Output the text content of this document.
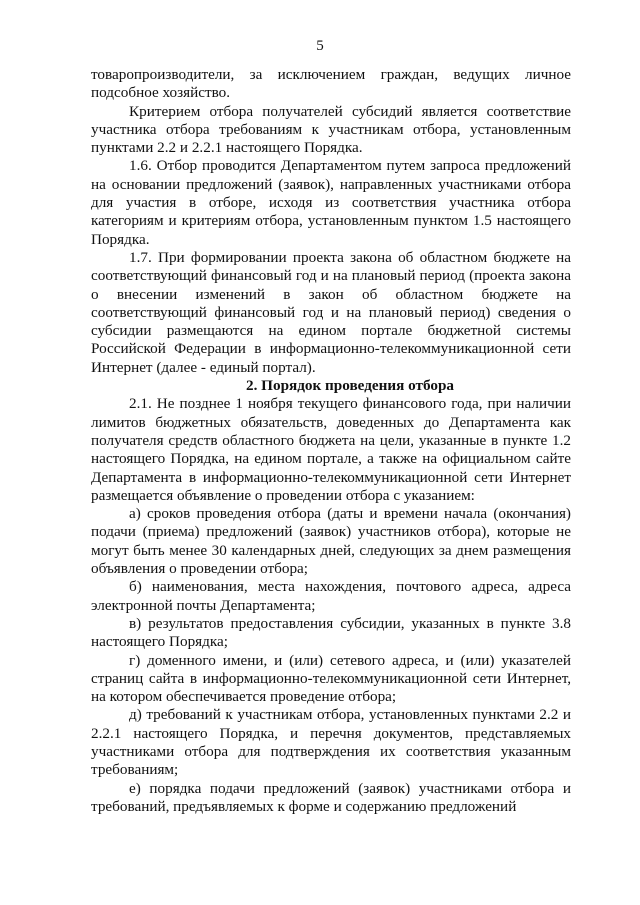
5

товаропроизводители, за исключением граждан, ведущих личное подсобное хозяйство.

Критерием отбора получателей субсидий является соответствие участника отбора требованиям к участникам отбора, установленным пунктами 2.2 и 2.2.1 настоящего Порядка.

1.6. Отбор проводится Департаментом путем запроса предложений на основании предложений (заявок), направленных участниками отбора для участия в отборе, исходя из соответствия участника отбора категориям и критериям отбора, установленным пунктом 1.5 настоящего Порядка.

1.7. При формировании проекта закона об областном бюджете на соответствующий финансовый год и на плановый период (проекта закона о внесении изменений в закон об областном бюджете на соответствующий финансовый год и на плановый период) сведения о субсидии размещаются на едином портале бюджетной системы Российской Федерации в информационно-телекоммуникационной сети Интернет (далее - единый портал).

2. Порядок проведения отбора

2.1. Не позднее 1 ноября текущего финансового года, при наличии лимитов бюджетных обязательств, доведенных до Департамента как получателя средств областного бюджета на цели, указанные в пункте 1.2 настоящего Порядка, на едином портале, а также на официальном сайте Департамента в информационно-телекоммуникационной сети Интернет размещается объявление о проведении отбора с указанием:

а) сроков проведения отбора (даты и времени начала (окончания) подачи (приема) предложений (заявок) участников отбора), которые не могут быть менее 30 календарных дней, следующих за днем размещения объявления о проведении отбора;

б) наименования, места нахождения, почтового адреса, адреса электронной почты Департамента;

в) результатов предоставления субсидии, указанных в пункте 3.8 настоящего Порядка;

г) доменного имени, и (или) сетевого адреса, и (или) указателей страниц сайта в информационно-телекоммуникационной сети Интернет, на котором обеспечивается проведение отбора;

д) требований к участникам отбора, установленных пунктами 2.2 и 2.2.1 настоящего Порядка, и перечня документов, представляемых участниками отбора для подтверждения их соответствия указанным требованиям;

е) порядка подачи предложений (заявок) участниками отбора и требований, предъявляемых к форме и содержанию предложений
